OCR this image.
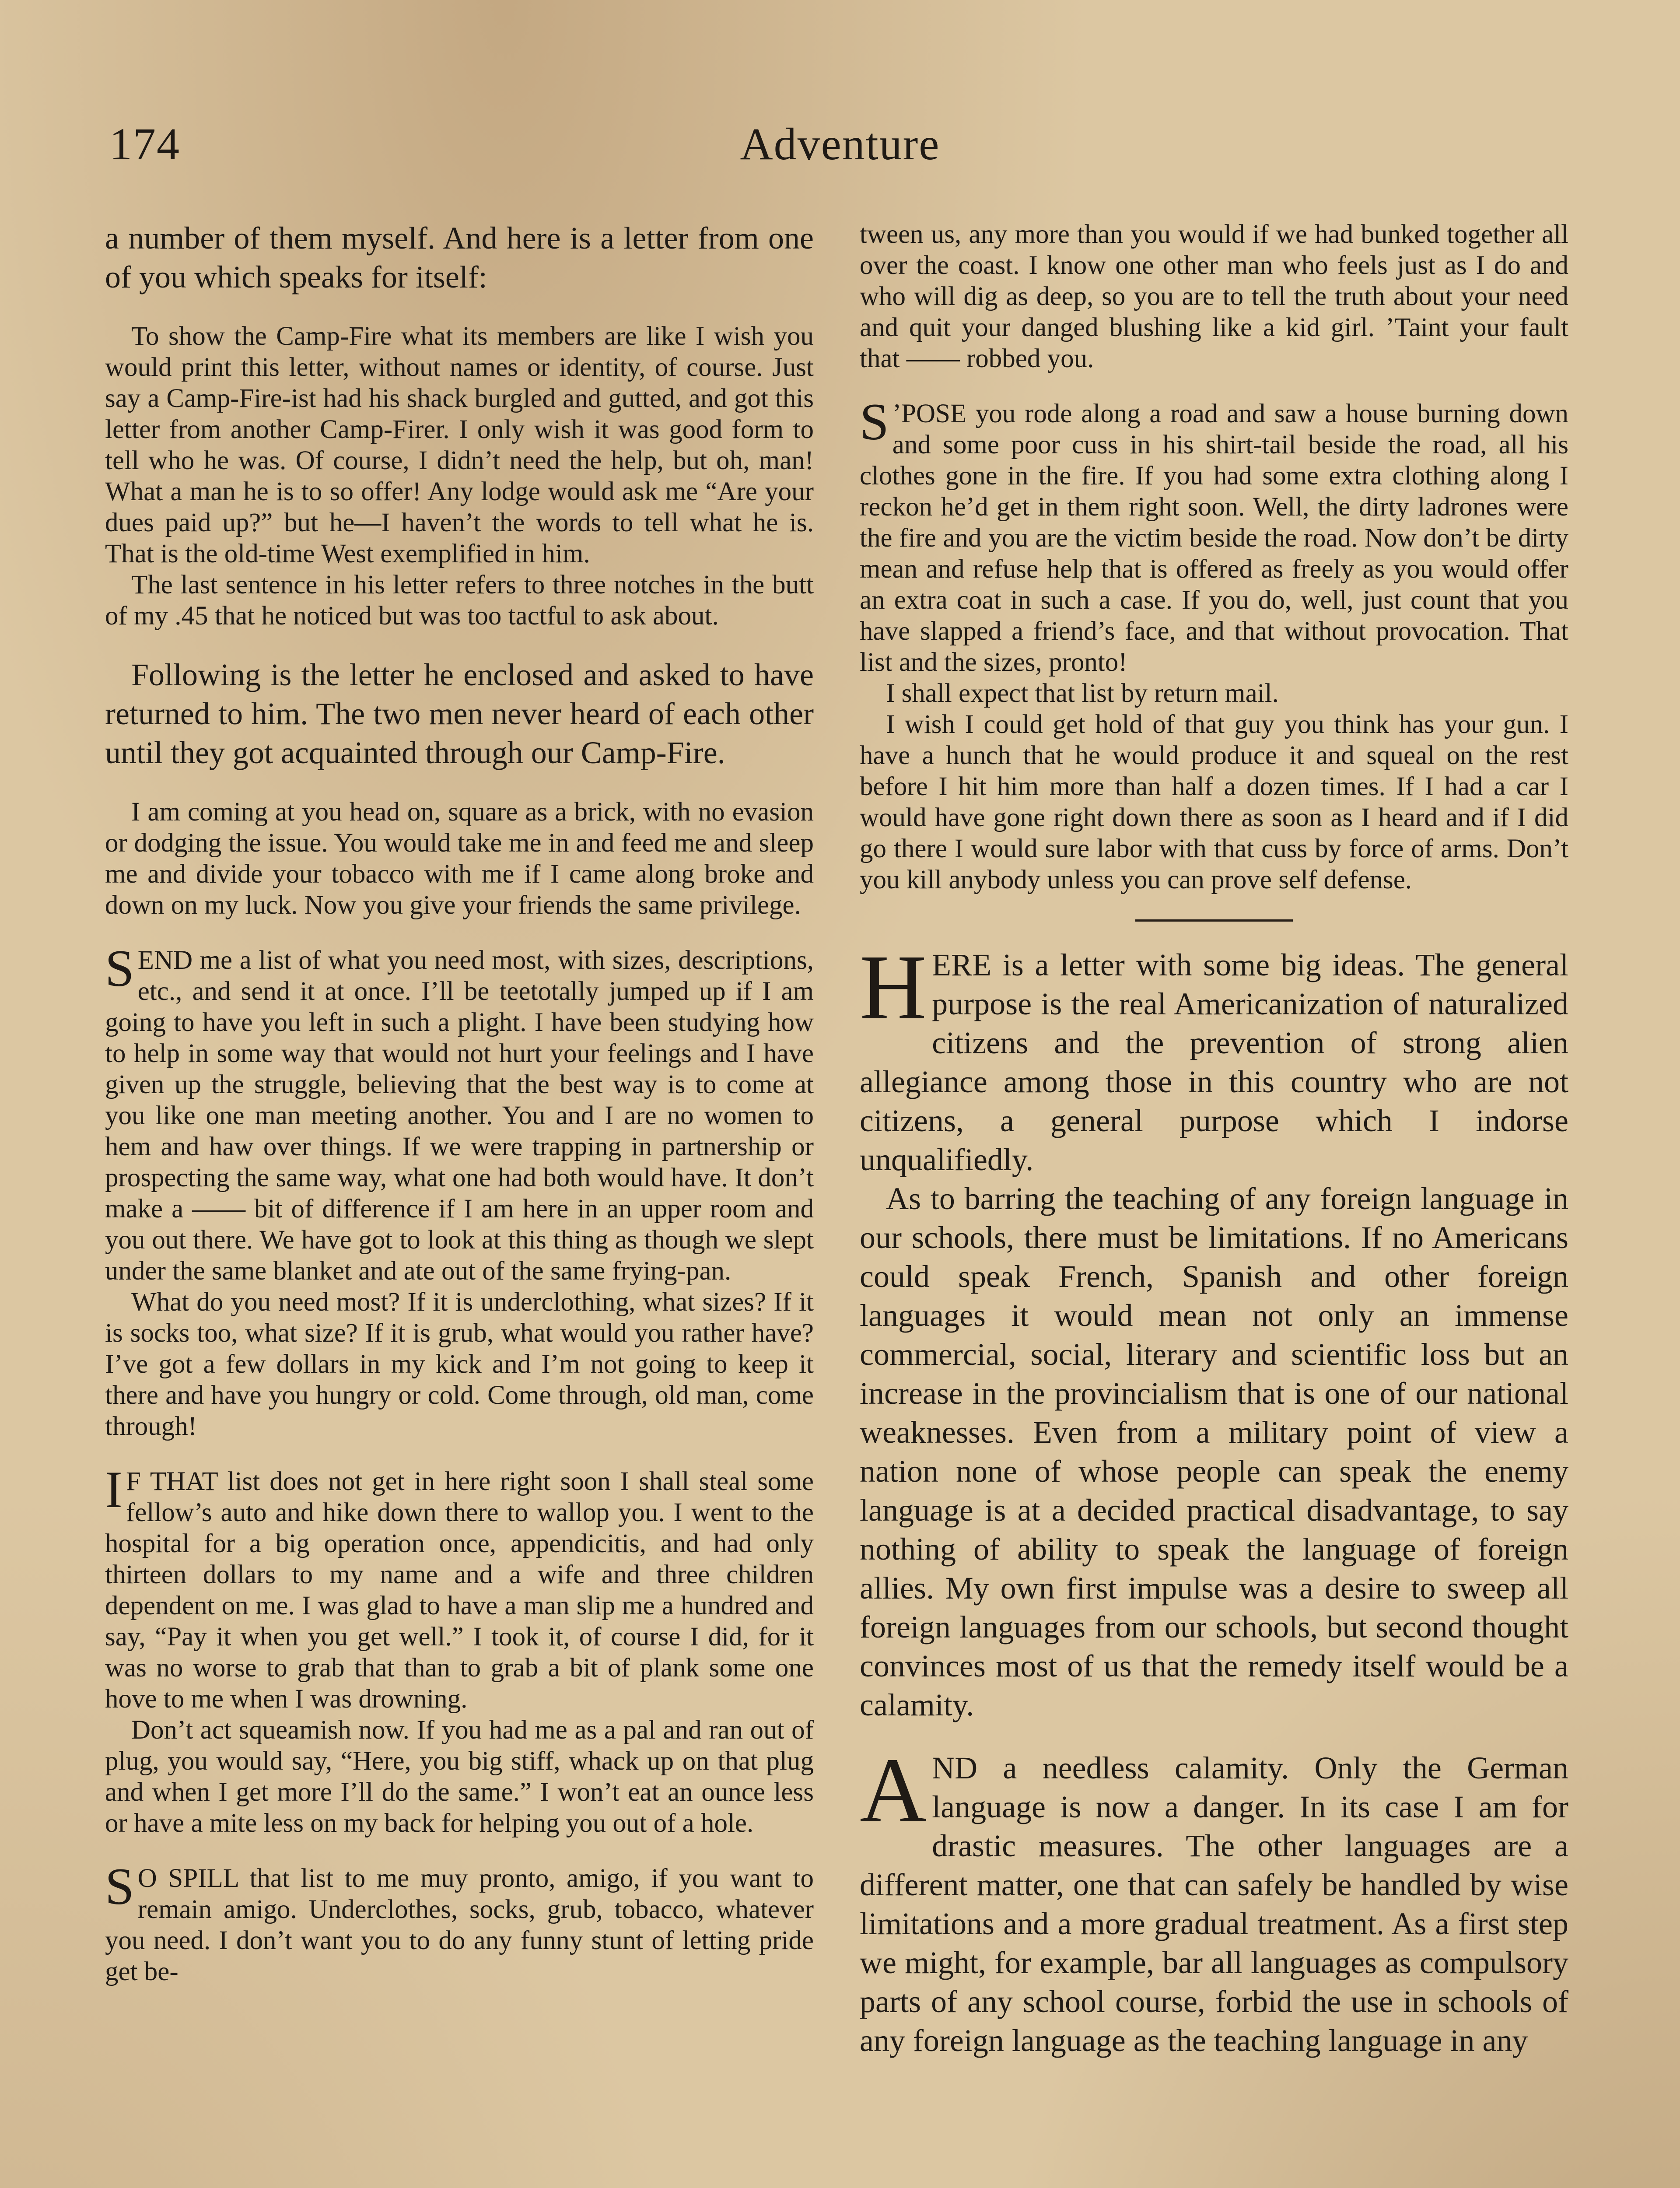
174	Adventure

a number of them myself. And here is a letter from one of you which speaks for itself:

To show the Camp-Fire what its members are like I wish you would print this letter, without names or identity, of course. Just say a Camp-Fire-ist had his shack burgled and gutted, and got this letter from another Camp-Firer. I only wish it was good form to tell who he was. Of course, I didn’t need the help, but oh, man! What a man he is to so offer! Any lodge would ask me “Are your dues paid up?” but he—I haven’t the words to tell what he is. That is the old-time West exemplified in him.

The last sentence in his letter refers to three notches in the butt of my .45 that he noticed but was too tactful to ask about.

Following is the letter he enclosed and asked to have returned to him. The two men never heard of each other until they got acquainted through our Camp-Fire.

I am coming at you head on, square as a brick, with no evasion or dodging the issue. You would take me in and feed me and sleep me and divide your tobacco with me if I came along broke and down on my luck. Now you give your friends the same privilege.

SEND me a list of what you need most, with sizes, descriptions, etc., and send it at once. I’ll be teetotally jumped up if I am going to have you left in such a plight. I have been studying how to help in some way that would not hurt your feelings and I have given up the struggle, believing that the best way is to come at you like one man meeting another. You and I are no women to hem and haw over things. If we were trapping in partnership or prospecting the same way, what one had both would have. It don’t make a —— bit of difference if I am here in an upper room and you out there. We have got to look at this thing as though we slept under the same blanket and ate out of the same frying-pan.

What do you need most? If it is underclothing, what sizes? If it is socks too, what size? If it is grub, what would you rather have? I’ve got a few dollars in my kick and I’m not going to keep it there and have you hungry or cold. Come through, old man, come through!

I F THAT list does not get in here right soon I shall steal some fellow’s auto and hike down there to wallop you. I went to the hospital for a big operation once, appendicitis, and had only thirteen dollars to my name and a wife and three children dependent on me. I was glad to have a man slip me a hundred and say, “Pay it when you get well.” I took it, of course I did, for it was no worse to grab that than to grab a bit of plank some one hove to me when I was drowning.

Don’t act squeamish now. If you had me as a pal and ran out of plug, you would say, “Here, you big stiff, whack up on that plug and when I get more I’ll do the same.” I won’t eat an ounce less or have a mite less on my back for helping you out of a hole.

S O SPILL that list to me muy pronto, amigo, if you want to remain amigo. Underclothes, socks, grub, tobacco, whatever you need. I don’t want you to do any funny stunt of letting pride get be-

tween us, any more than you would if we had bunked together all over the coast. I know one other man who feels just as I do and who will dig as deep, so you are to tell the truth about your need and quit your danged blushing like a kid girl. ’Taint your fault that —— robbed you.

S ’POSE you rode along a road and saw a house burning down and some poor cuss in his shirt-tail beside the road, all his clothes gone in the fire. If you had some extra clothing along I reckon he’d get in them right soon. Well, the dirty ladrones were the fire and you are the victim beside the road. Now don’t be dirty mean and refuse help that is offered as freely as you would offer an extra coat in such a case. If you do, well, just count that you have slapped a friend’s face, and that without provocation. That list and the sizes, pronto!

I shall expect that list by return mail.

I wish I could get hold of that guy you think has your gun. I have a hunch that he would produce it and squeal on the rest before I hit him more than half a dozen times. If I had a car I would have gone right down there as soon as I heard and if I did go there I would sure labor with that cuss by force of arms. Don’t you kill anybody unless you can prove self defense.

HERE is a letter with some big ideas. The general purpose is the real Americanization of naturalized citizens and the prevention of strong alien allegiance among those in this country who are not citizens, a general purpose which I indorse unqualifiedly.

As to barring the teaching of any foreign language in our schools, there must be limitations. If no Americans could speak French, Spanish and other foreign languages it would mean not only an immense commercial, social, literary and scientific loss but an increase in the provincialism that is one of our national weaknesses. Even from a military point of view a nation none of whose people can speak the enemy language is at a decided practical disadvantage, to say nothing of ability to speak the language of foreign allies. My own first impulse was a desire to sweep all foreign languages from our schools, but second thought convinces most of us that the remedy itself would be a calamity.

AND a needless calamity. Only the German language is now a danger. In its case I am for drastic measures. The other languages are a different matter, one that can safely be handled by wise limitations and a more gradual treatment. As a first step we might, for example, bar all languages as compulsory parts of any school course, forbid the use in schools of any foreign language as the teaching language in any
